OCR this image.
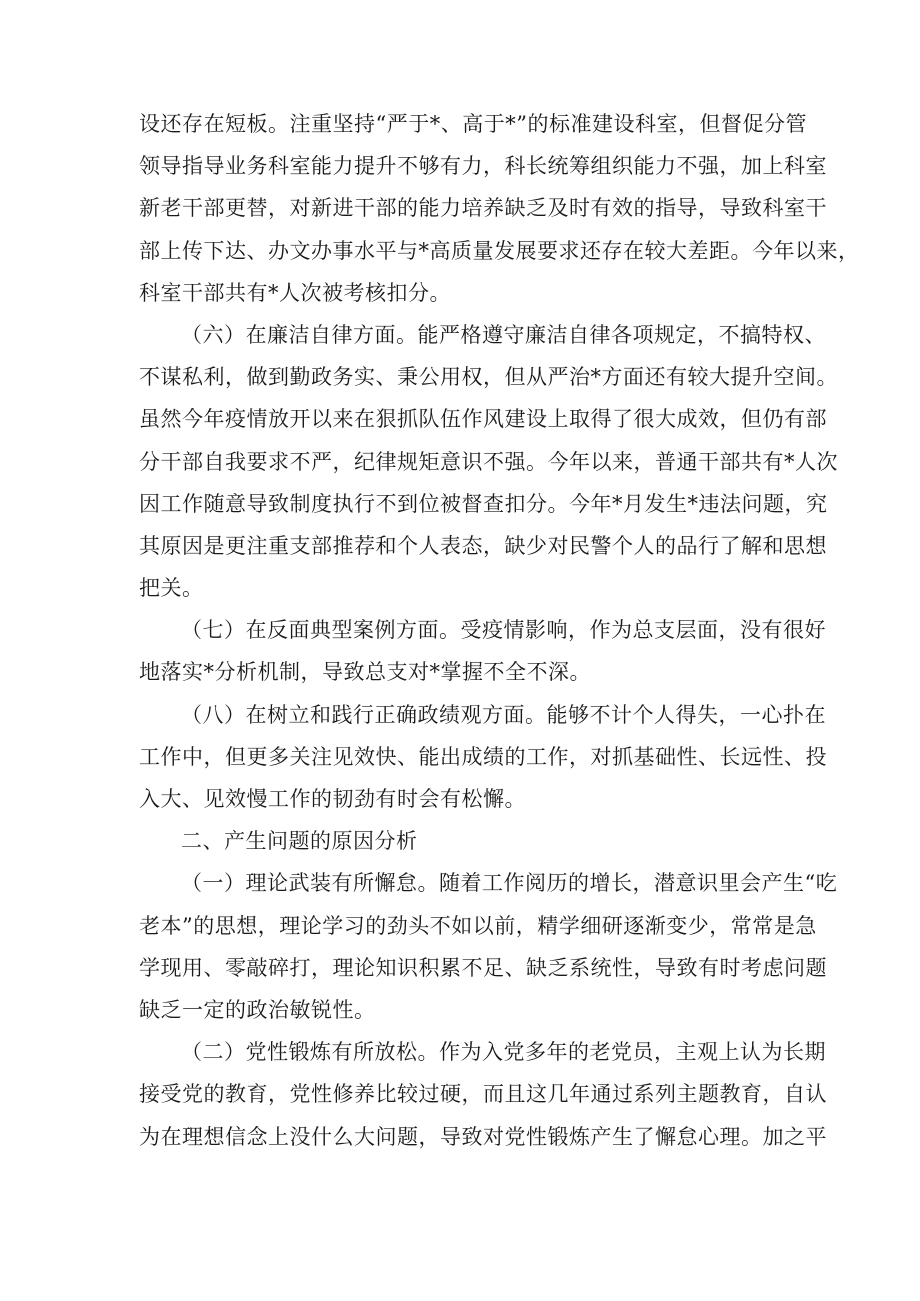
设还存在短板。注重坚持“严于*、高于*”的标准建设科室，但督促分管
领导指导业务科室能力提升不够有力，科长统筹组织能力不强，加上科室
新老干部更替，对新进干部的能力培养缺乏及时有效的指导，导致科室干
部上传下达、办文办事水平与*高质量发展要求还存在较大差距。今年以来，
科室干部共有*人次被考核扣分。
（六）在廉洁自律方面。能严格遵守廉洁自律各项规定，不搞特权、
不谋私利，做到勤政务实、秉公用权，但从严治*方面还有较大提升空间。
虽然今年疫情放开以来在狠抓队伍作风建设上取得了很大成效，但仍有部
分干部自我要求不严，纪律规矩意识不强。今年以来，普通干部共有*人次
因工作随意导致制度执行不到位被督查扣分。今年*月发生*违法问题，究
其原因是更注重支部推荐和个人表态，缺少对民警个人的品行了解和思想
把关。
（七）在反面典型案例方面。受疫情影响，作为总支层面，没有很好
地落实*分析机制，导致总支对*掌握不全不深。
（八）在树立和践行正确政绩观方面。能够不计个人得失，一心扑在
工作中，但更多关注见效快、能出成绩的工作，对抓基础性、长远性、投
入大、见效慢工作的韧劲有时会有松懈。
二、产生问题的原因分析
（一）理论武装有所懈怠。随着工作阅历的增长，潜意识里会产生“吃
老本”的思想，理论学习的劲头不如以前，精学细研逐渐变少，常常是急
学现用、零敲碎打，理论知识积累不足、缺乏系统性，导致有时考虑问题
缺乏一定的政治敏锐性。
（二）党性锻炼有所放松。作为入党多年的老党员，主观上认为长期
接受党的教育，党性修养比较过硬，而且这几年通过系列主题教育，自认
为在理想信念上没什么大问题，导致对党性锻炼产生了懈怠心理。加之平
